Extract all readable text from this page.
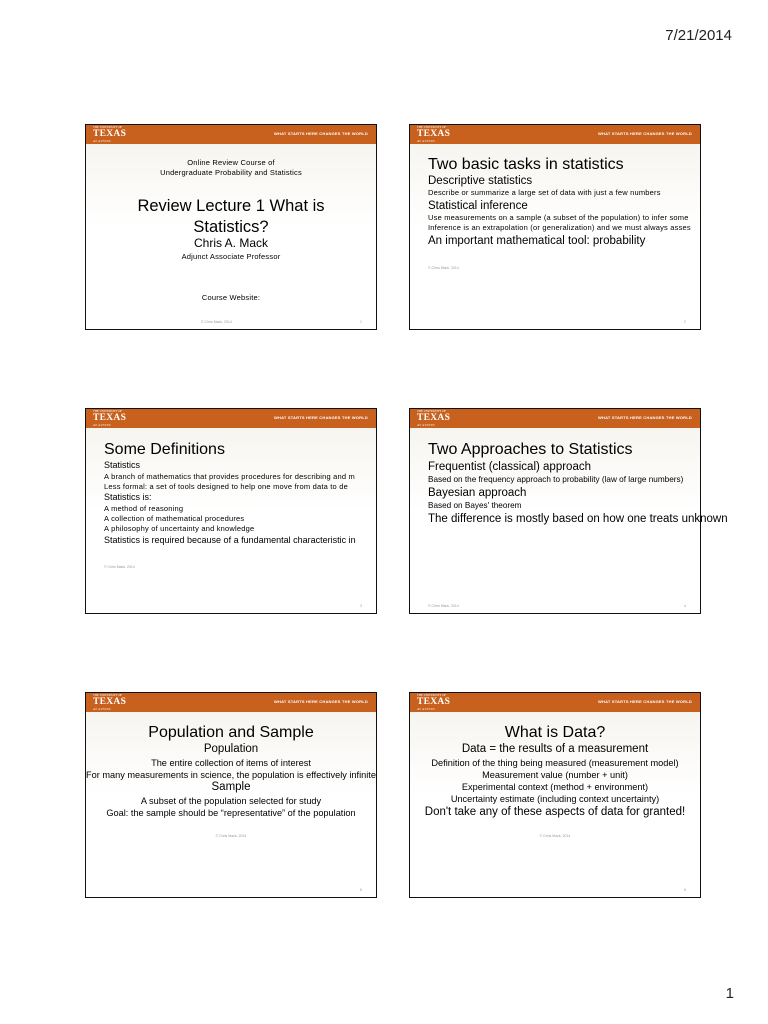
7/21/2014
THE UNIVERSITY OF
TEXAS
AT AUSTIN
WHAT STARTS HERE CHANGES THE WORLD
Online Review Course of
Undergraduate Probability and Statistics
Review Lecture 1 What is
Statistics?
Chris A. Mack
Adjunct Associate Professor
Course Website:
© Chris Mack, 2014	1
THE UNIVERSITY OF
TEXAS
AT AUSTIN
WHAT STARTS HERE CHANGES THE WORLD
Two basic tasks in statistics
Descriptive statistics
Describe or summarize a large set of data with just a few numbers
Statistical inference
Use measurements on a sample (a subset of the population) to infer some
Inference is an extrapolation (or generalization) and we must always asses
An important mathematical tool: probability
© Chris Mack, 2014
2
THE UNIVERSITY OF
TEXAS
AT AUSTIN
WHAT STARTS HERE CHANGES THE WORLD
Some Definitions
Statistics
A branch of mathematics that provides procedures for describing and m
Less formal: a set of tools designed to help one move from data to de
Statistics is:
A method of reasoning
A collection of mathematical procedures
A philosophy of uncertainty and knowledge
Statistics is required because of a fundamental characteristic in
© Chris Mack, 2014
3
THE UNIVERSITY OF
TEXAS
AT AUSTIN
WHAT STARTS HERE CHANGES THE WORLD
Two Approaches to Statistics
Frequentist (classical) approach
Based on the frequency approach to probability (law of large numbers)
Bayesian approach
Based on Bayes' theorem
The difference is mostly based on how one treats unknown
© Chris Mack, 2014	4
THE UNIVERSITY OF
TEXAS
AT AUSTIN
WHAT STARTS HERE CHANGES THE WORLD
Population and Sample
Population
The entire collection of items of interest
For many measurements in science, the population is effectively infinite
Sample
A subset of the population selected for study
Goal: the sample should be “representative” of the population
© Chris Mack, 2014
5
THE UNIVERSITY OF
TEXAS
AT AUSTIN
WHAT STARTS HERE CHANGES THE WORLD
What is Data?
Data = the results of a measurement
Definition of the thing being measured (measurement model)
Measurement value (number + unit)
Experimental context (method + environment)
Uncertainty estimate (including context uncertainty)
Don't take any of these aspects of data for granted!
© Chris Mack, 2014
6
1
